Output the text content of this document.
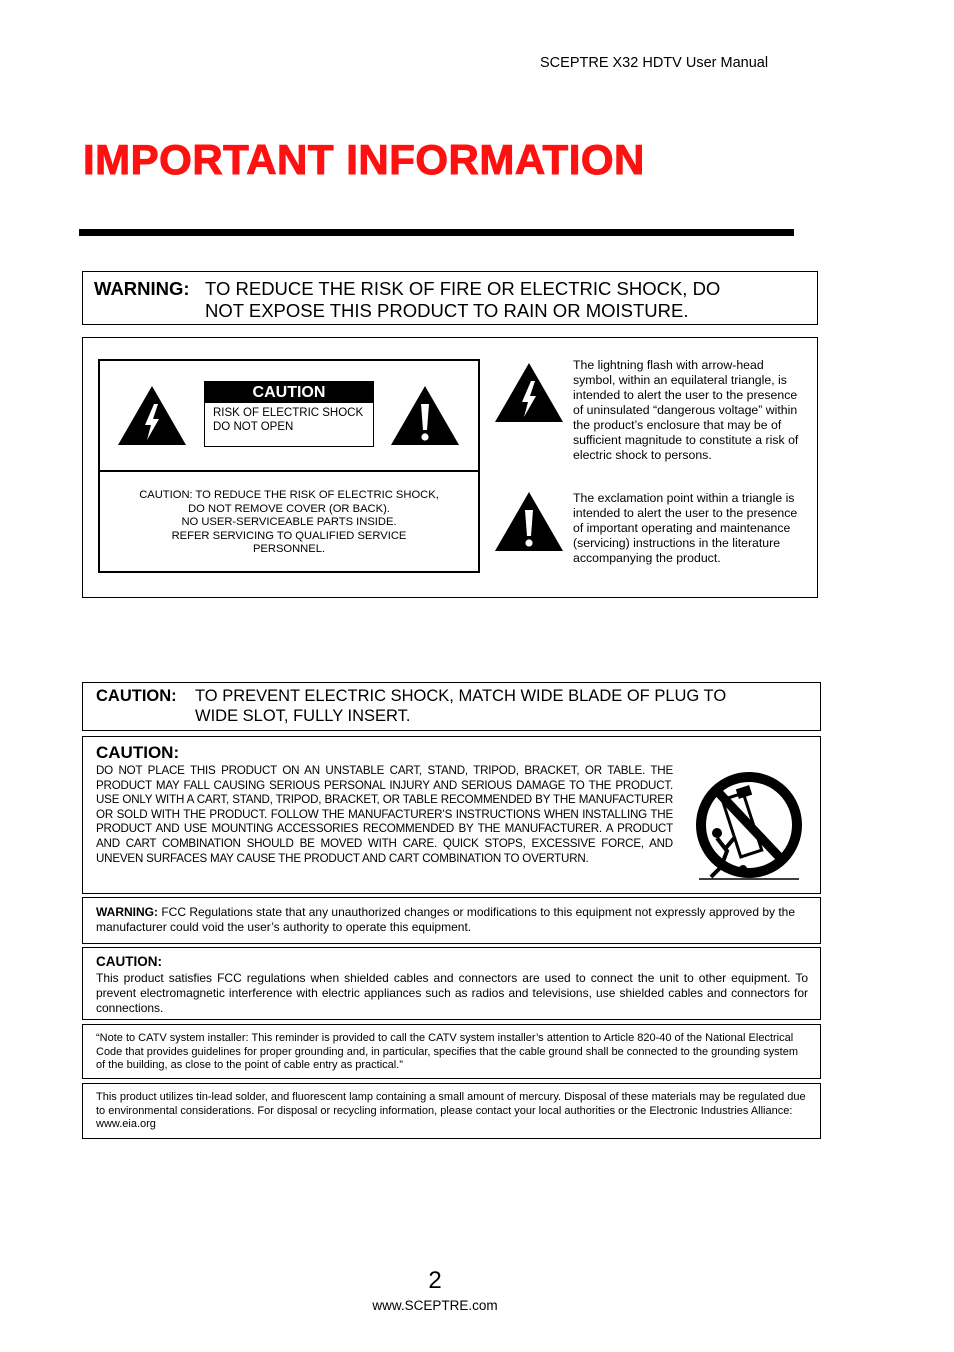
SCEPTRE X32 HDTV User Manual
IMPORTANT INFORMATION
WARNING: TO REDUCE THE RISK OF FIRE OR ELECTRIC SHOCK, DO
NOT EXPOSE THIS PRODUCT TO RAIN OR MOISTURE.
CAUTION
RISK OF ELECTRIC SHOCK
DO NOT OPEN
CAUTION: TO REDUCE THE RISK OF ELECTRIC SHOCK,
DO NOT REMOVE COVER (OR BACK).
NO USER-SERVICEABLE PARTS INSIDE.
REFER SERVICING TO QUALIFIED SERVICE
PERSONNEL.
The lightning flash with arrow-head symbol, within an equilateral triangle, is intended to alert the user to the presence of uninsulated “dangerous voltage” within the product’s enclosure that may be of sufficient magnitude to constitute a risk of electric shock to persons.
The exclamation point within a triangle is intended to alert the user to the presence of important operating and maintenance (servicing) instructions in the literature accompanying the product.
CAUTION: TO PREVENT ELECTRIC SHOCK, MATCH WIDE BLADE OF PLUG TO
WIDE SLOT, FULLY INSERT.
CAUTION:
DO NOT PLACE THIS PRODUCT ON AN UNSTABLE CART, STAND, TRIPOD, BRACKET, OR TABLE. THE PRODUCT MAY FALL CAUSING SERIOUS PERSONAL INJURY AND SERIOUS DAMAGE TO THE PRODUCT. USE ONLY WITH A CART, STAND, TRIPOD, BRACKET, OR TABLE RECOMMENDED BY THE MANUFACTURER OR SOLD WITH THE PRODUCT. FOLLOW THE MANUFACTURER’S INSTRUCTIONS WHEN INSTALLING THE PRODUCT AND USE MOUNTING ACCESSORIES RECOMMENDED BY THE MANUFACTURER. A PRODUCT AND CART COMBINATION SHOULD BE MOVED WITH CARE. QUICK STOPS, EXCESSIVE FORCE, AND UNEVEN SURFACES MAY CAUSE THE PRODUCT AND CART COMBINATION TO OVERTURN.
WARNING: FCC Regulations state that any unauthorized changes or modifications to this equipment not expressly approved by the manufacturer could void the user’s authority to operate this equipment.
CAUTION:
This product satisfies FCC regulations when shielded cables and connectors are used to connect the unit to other equipment. To prevent electromagnetic interference with electric appliances such as radios and televisions, use shielded cables and connectors for connections.
“Note to CATV system installer: This reminder is provided to call the CATV system installer’s attention to Article 820-40 of the National Electrical Code that provides guidelines for proper grounding and, in particular, specifies that the cable ground shall be connected to the grounding system of the building, as close to the point of cable entry as practical.”
This product utilizes tin-lead solder, and fluorescent lamp containing a small amount of mercury. Disposal of these materials may be regulated due to environmental considerations. For disposal or recycling information, please contact your local authorities or the Electronic Industries Alliance: www.eia.org
2
www.SCEPTRE.com
